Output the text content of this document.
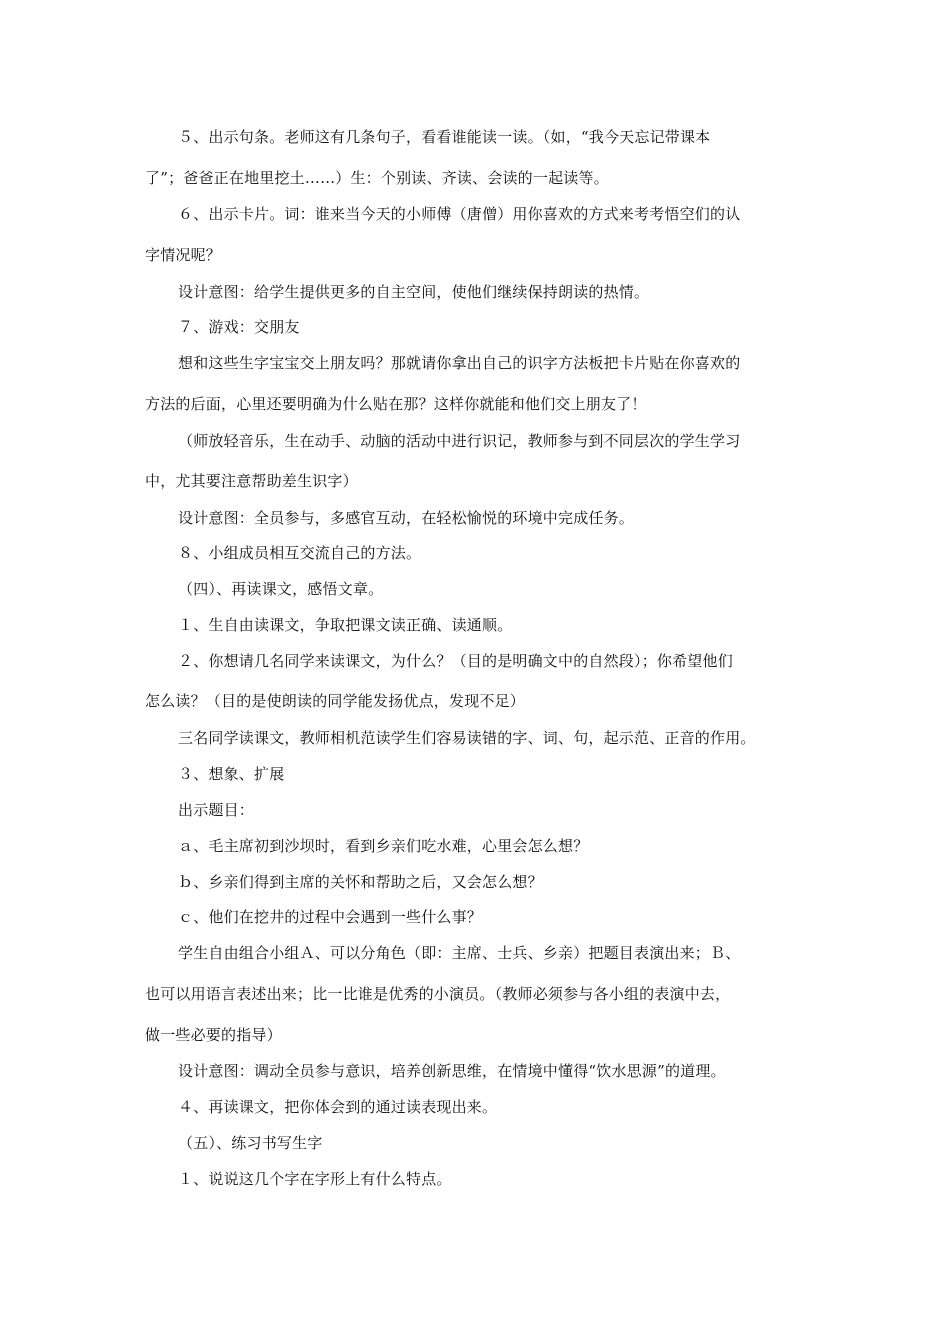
５、出示句条。老师这有几条句子，看看谁能读一读。（如，“我今天忘记带课本

了”；爸爸正在地里挖土……）生：个别读、齐读、会读的一起读等。

６、出示卡片。词：谁来当今天的小师傅（唐僧）用你喜欢的方式来考考悟空们的认

字情况呢？

设计意图：给学生提供更多的自主空间，使他们继续保持朗读的热情。

７、游戏：交朋友

想和这些生字宝宝交上朋友吗？那就请你拿出自己的识字方法板把卡片贴在你喜欢的

方法的后面，心里还要明确为什么贴在那？这样你就能和他们交上朋友了！

（师放轻音乐，生在动手、动脑的活动中进行识记，教师参与到不同层次的学生学习

中，尤其要注意帮助差生识字）

设计意图：全员参与，多感官互动，在轻松愉悦的环境中完成任务。

８、小组成员相互交流自己的方法。

（四）、再读课文，感悟文章。

１、生自由读课文，争取把课文读正确、读通顺。

２、你想请几名同学来读课文，为什么？（目的是明确文中的自然段）；你希望他们

怎么读？（目的是使朗读的同学能发扬优点，发现不足）

三名同学读课文，教师相机范读学生们容易读错的字、词、句，起示范、正音的作用。

３、想象、扩展

出示题目：

ａ、毛主席初到沙坝时，看到乡亲们吃水难，心里会怎么想？

ｂ、乡亲们得到主席的关怀和帮助之后，又会怎么想？

ｃ、他们在挖井的过程中会遇到一些什么事？

学生自由组合小组Ａ、可以分角色（即：主席、士兵、乡亲）把题目表演出来；Ｂ、

也可以用语言表述出来；比一比谁是优秀的小演员。（教师必须参与各小组的表演中去，

做一些必要的指导）

设计意图：调动全员参与意识，培养创新思维，在情境中懂得“饮水思源”的道理。

４、再读课文，把你体会到的通过读表现出来。

（五）、练习书写生字

１、说说这几个字在字形上有什么特点。
